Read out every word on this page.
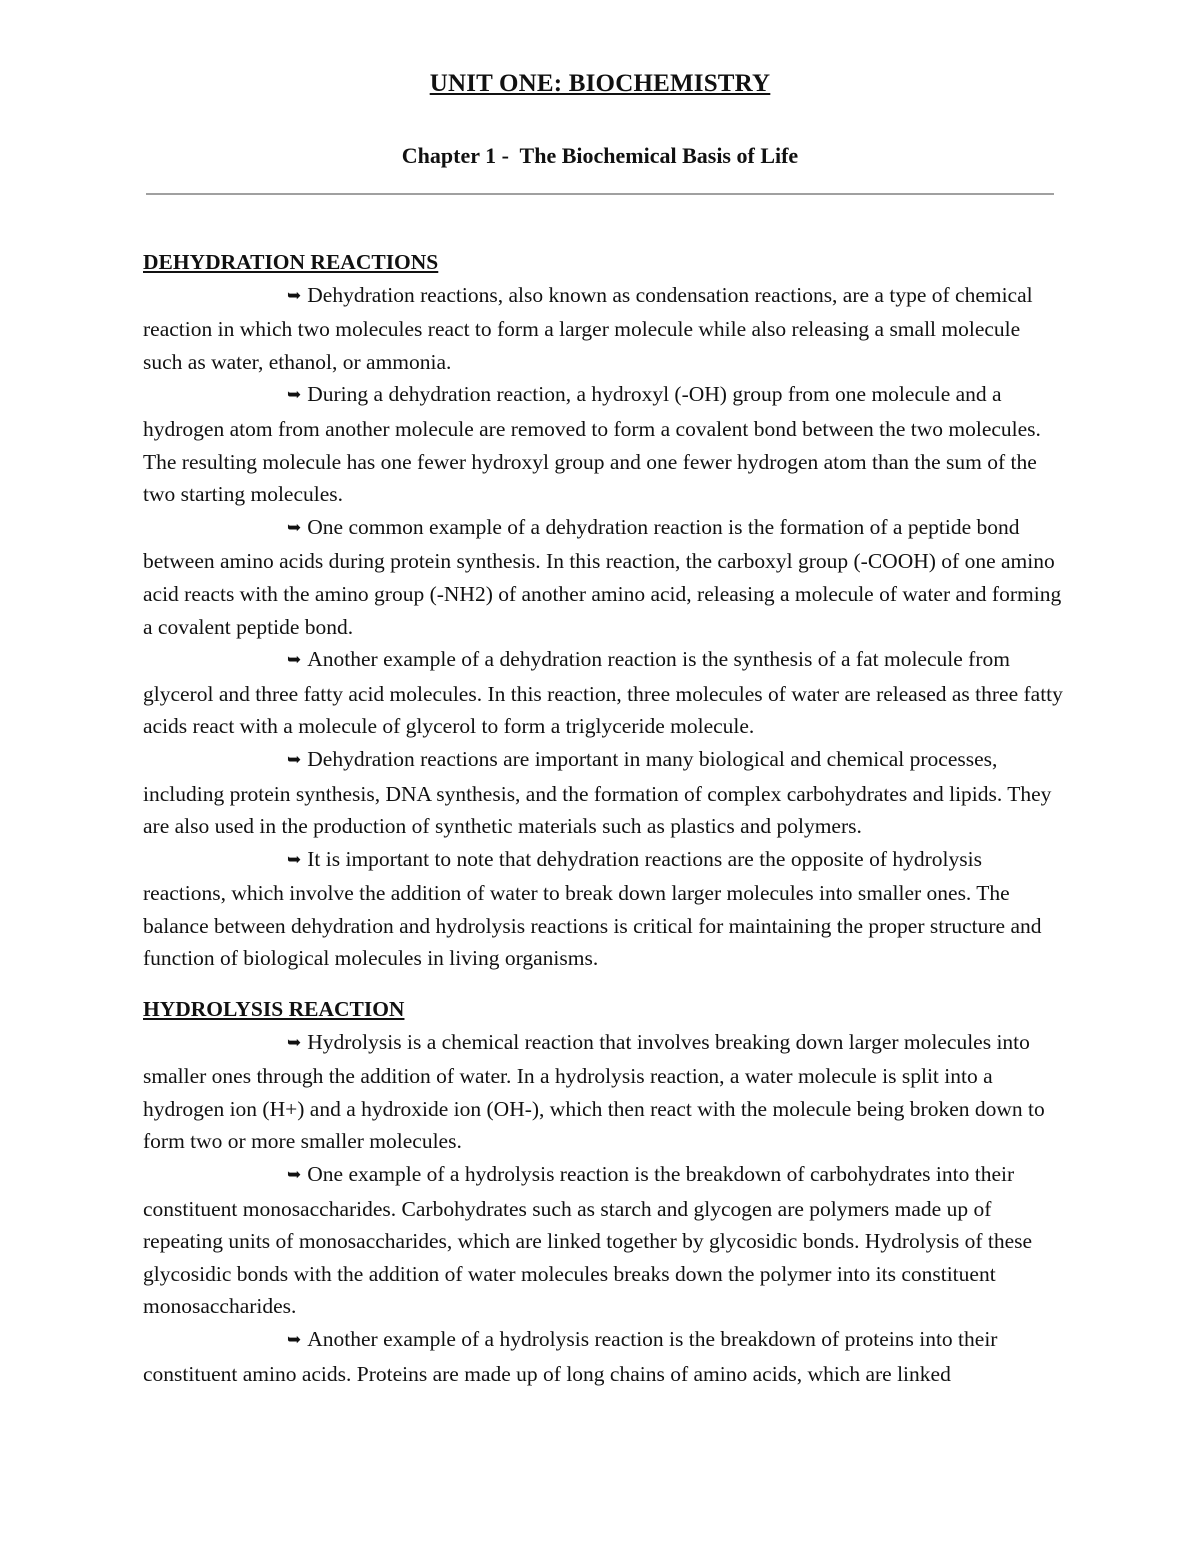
UNIT ONE: BIOCHEMISTRY
Chapter 1 -  The Biochemical Basis of Life

DEHYDRATION REACTIONS

➥ Dehydration reactions, also known as condensation reactions, are a type of chemical reaction in which two molecules react to form a larger molecule while also releasing a small molecule such as water, ethanol, or ammonia.

➥ During a dehydration reaction, a hydroxyl (-OH) group from one molecule and a hydrogen atom from another molecule are removed to form a covalent bond between the two molecules. The resulting molecule has one fewer hydroxyl group and one fewer hydrogen atom than the sum of the two starting molecules.

➥ One common example of a dehydration reaction is the formation of a peptide bond between amino acids during protein synthesis. In this reaction, the carboxyl group (-COOH) of one amino acid reacts with the amino group (-NH2) of another amino acid, releasing a molecule of water and forming a covalent peptide bond.

➥ Another example of a dehydration reaction is the synthesis of a fat molecule from glycerol and three fatty acid molecules. In this reaction, three molecules of water are released as three fatty acids react with a molecule of glycerol to form a triglyceride molecule.

➥ Dehydration reactions are important in many biological and chemical processes, including protein synthesis, DNA synthesis, and the formation of complex carbohydrates and lipids. They are also used in the production of synthetic materials such as plastics and polymers.

➥ It is important to note that dehydration reactions are the opposite of hydrolysis reactions, which involve the addition of water to break down larger molecules into smaller ones. The balance between dehydration and hydrolysis reactions is critical for maintaining the proper structure and function of biological molecules in living organisms.

HYDROLYSIS REACTION

➥ Hydrolysis is a chemical reaction that involves breaking down larger molecules into smaller ones through the addition of water. In a hydrolysis reaction, a water molecule is split into a hydrogen ion (H+) and a hydroxide ion (OH-), which then react with the molecule being broken down to form two or more smaller molecules.

➥ One example of a hydrolysis reaction is the breakdown of carbohydrates into their constituent monosaccharides. Carbohydrates such as starch and glycogen are polymers made up of repeating units of monosaccharides, which are linked together by glycosidic bonds. Hydrolysis of these glycosidic bonds with the addition of water molecules breaks down the polymer into its constituent monosaccharides.

➥ Another example of a hydrolysis reaction is the breakdown of proteins into their constituent amino acids. Proteins are made up of long chains of amino acids, which are linked
